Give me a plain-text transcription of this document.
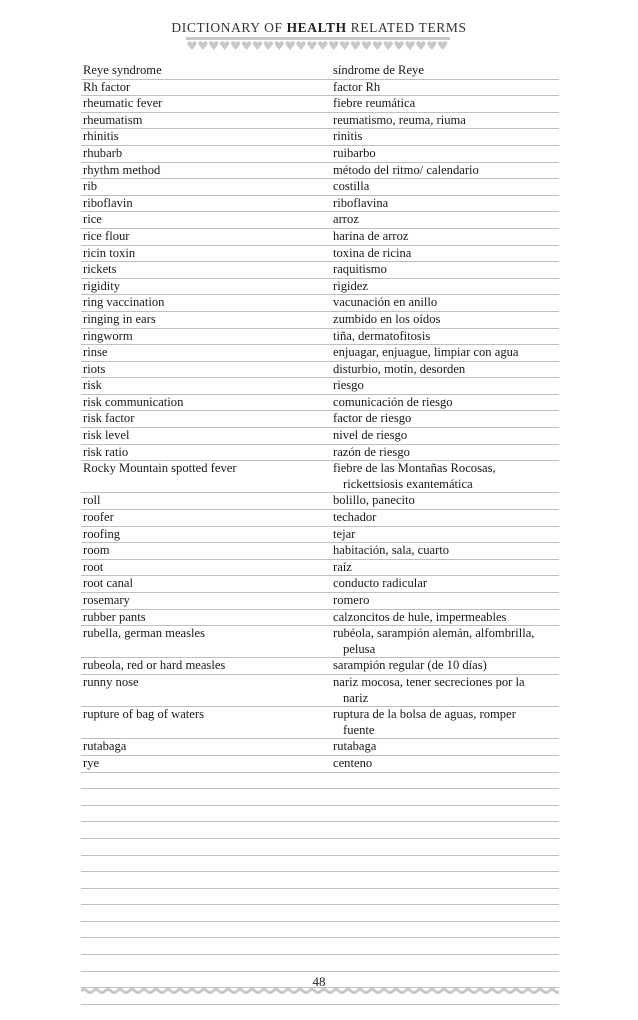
DICTIONARY OF HEALTH RELATED TERMS
Reye syndrome	síndrome de Reye
Rh factor	factor Rh
rheumatic fever	fiebre reumática
rheumatism	reumatismo, reuma, riuma
rhinitis	rinitis
rhubarb	ruibarbo
rhythm method	método del ritmo/ calendario
rib	costilla
riboflavin	riboflavina
rice	arroz
rice flour	harina de arroz
ricin toxin	toxina de ricina
rickets	raquitismo
rigidity	rigidez
ring vaccination	vacunación en anillo
ringing in ears	zumbido en los oídos
ringworm	tiña, dermatofitosis
rinse	enjuagar, enjuague, limpiar con agua
riots	disturbio, motín, desorden
risk	riesgo
risk communication	comunicación de riesgo
risk factor	factor de riesgo
risk level	nivel de riesgo
risk ratio	razón de riesgo
Rocky Mountain spotted fever	fiebre de las Montañas Rocosas,

rickettsiosis exantemática
roll	bolillo, panecito
roofer	techador
roofing	tejar
room	habitación, sala, cuarto
root	raíz
root canal	conducto radicular
rosemary	romero
rubber pants	calzoncitos de hule, impermeables
rubella, german measles	rubéola, sarampión alemán, alfombrilla,

pelusa
rubeola, red or hard measles	sarampión regular (de 10 días)
runny nose	nariz mocosa, tener secreciones por la

nariz
rupture of bag of waters	ruptura de la bolsa de aguas, romper

fuente
rutabaga	rutabaga
rye	centeno
48
